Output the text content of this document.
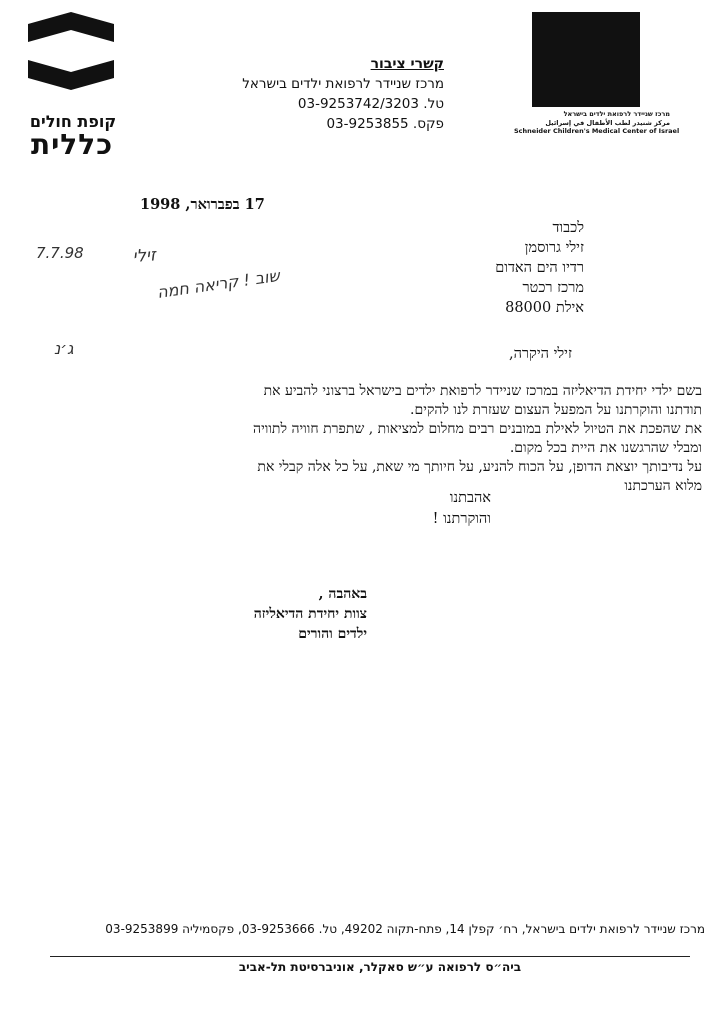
קופת חולים
כללית
קשרי ציבור
מרכז שניידר לרפואת ילדים בישראל
טל. 03-9253742/3203
פקס. 03-9253855
מרכז שניידר לרפואת ילדים בישראל
مركز شنيدر لطب الأطفال في إسرائيل
Schneider Children's Medical Center of Israel
17 בפברואר, 1998
לכבוד
זילי גרוסמן
רדיו הים האדום
מרכז רכטר
אילת 88000
7.7.98	זילי
שוב ! קריאה חמה
ג׳נ	זילי היקרה,
בשם ילדי יחידת הדיאליזה במרכז שניידר לרפואת ילדים בישראל ברצוני להביע את
תודתנו והוקרתנו על המפעל העצום שעזרת לנו להקים.
את שהפכת את הטיול לאילת במובנים רבים מחלום למציאות , שתפרת חוויה לתוויה
ומבלי שהרגשנו את היית בכל מקום.
על נדיבותך יוצאת הדופן, על הכוח להניע, על חיותך מי שאת, על כל אלה קבלי את
מלוא הערכתנו
אהבתנו
והוקרתנו !
באהבה ,
צוות יחידת הדיאליזה
ילדים והורים
מרכז שניידר לרפואת ילדים בישראל, רח׳ קפלן 14, פתח-תקוה 49202, טל. 03-9253666, פקסמיליה 03-9253899
ביה״ס לרפואה ע״ש סאקלר, אוניברסיטת תל-אביב
